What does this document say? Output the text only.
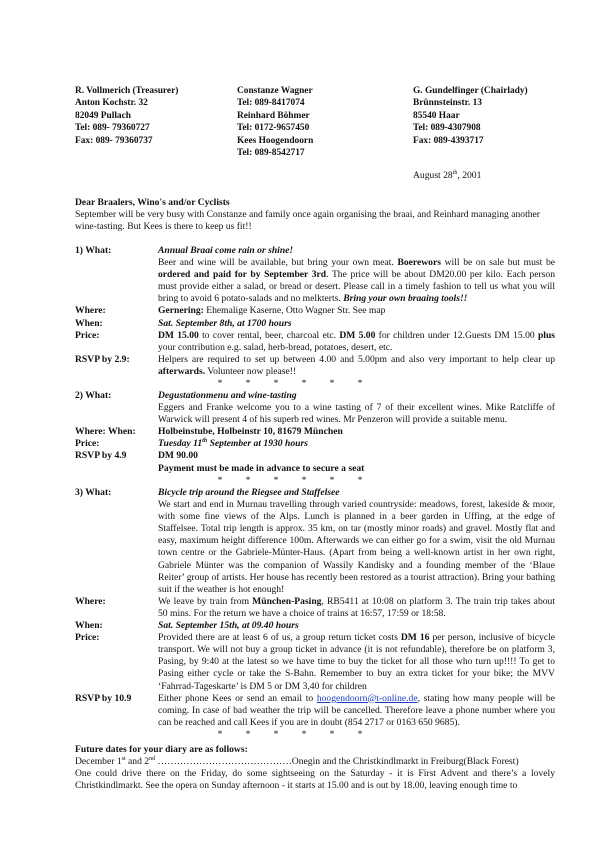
R. Vollmerich (Treasurer)
Anton Kochstr. 32
82049 Pullach
Tel: 089- 79360727
Fax: 089- 79360737
Constanze Wagner
Tel: 089-8417074
Reinhard Böhmer
Tel: 0172-9657450
Kees Hoogendoorn
Tel: 089-8542717
G. Gundelfinger (Chairlady)
Brünnsteinstr. 13
85540 Haar
Tel: 089-4307908
Fax: 089-4393717
August 28th, 2001
Dear Braalers, Wino's and/or Cyclists
September will be very busy with Constanze and family once again organising the braai, and Reinhard managing another wine-tasting. But Kees is there to keep us fit!!
1) What:	Annual Braai come rain or shine!
Beer and wine will be available, but bring your own meat. Boerewors will be on sale but must be ordered and paid for by September 3rd. The price will be about DM20.00 per kilo. Each person must provide either a salad, or bread or desert. Please call in a timely fashion to tell us what you will bring to avoid 6 potato-salads and no melkterts. Bring your own braaing tools!!
Where:	Gernering: Ehemalige Kaserne, Otto Wagner Str. See map
When:	Sat. September 8th, at 1700 hours
Price:	DM 15.00 to cover rental, beer, charcoal etc. DM 5.00 for children under 12.Guests DM 15.00 plus your contribution e.g. salad, herb-bread, potatoes, desert, etc.
RSVP by 2.9:	Helpers are required to set up between 4.00 and 5.00pm and also very important to help clear up afterwards. Volunteer now please!!
* * * * * *
2) What:	Degustationmenu and wine-tasting
Eggers and Franke welcome you to a wine tasting of 7 of their excellent wines. Mike Ratcliffe of Warwick will present 4 of his superb red wines. Mr Penzeron will provide a suitable menu.
Where: When:	Holbeinstube, Holbeinstr 10, 81679 München
Price:	Tuesday 11th September at 1930 hours
RSVP by 4.9	DM 90.00
Payment must be made in advance to secure a seat
* * * * * *
3) What:	Bicycle trip around the Riegsee and Staffelsee
We start and end in Murnau travelling through varied countryside: meadows, forest, lakeside & moor, with some fine views of the Alps. Lunch is planned in a beer garden in Uffing, at the edge of Staffelsee. Total trip length is approx. 35 km, on tar (mostly minor roads) and gravel. Mostly flat and easy, maximum height difference 100m. Afterwards we can either go for a swim, visit the old Murnau town centre or the Gabriele-Münter-Haus. (Apart from being a well-known artist in her own right, Gabriele Münter was the companion of Wassily Kandisky and a founding member of the ‘Blaue Reiter’ group of artists. Her house has recently been restored as a tourist attraction). Bring your bathing suit if the weather is hot enough!
Where:	We leave by train from München-Pasing, RB5411 at 10:08 on platform 3. The train trip takes about 50 mins. For the return we have a choice of trains at 16:57, 17:59 or 18:58.
When:	Sat. September 15th, at 09.40 hours
Price:	Provided there are at least 6 of us, a group return ticket costs DM 16 per person, inclusive of bicycle transport. We will not buy a group ticket in advance (it is not refundable), therefore be on platform 3, Pasing, by 9:40 at the latest so we have time to buy the ticket for all those who turn up!!!! To get to Pasing either cycle or take the S-Bahn. Remember to buy an extra ticket for your bike; the MVV ‘Fahrrad-Tageskarte’ is DM 5 or DM 3,40 for children
RSVP by 10.9	Either phone Kees or send an email to hoogendoorn@t-online.de, stating how many people will be coming. In case of bad weather the trip will be cancelled. Therefore leave a phone number where you can be reached and call Kees if you are in doubt (854 2717 or 0163 650 9685).
* * * * * *
Future dates for your diary are as follows:
December 1st and 2nd ……………………………………Onegin and the Christkindlmarkt in Freiburg(Black Forest)
One could drive there on the Friday, do some sightseeing on the Saturday - it is First Advent and there’s a lovely Christkindlmarkt. See the opera on Sunday afternoon - it starts at 15.00 and is out by 18.00, leaving enough time to
